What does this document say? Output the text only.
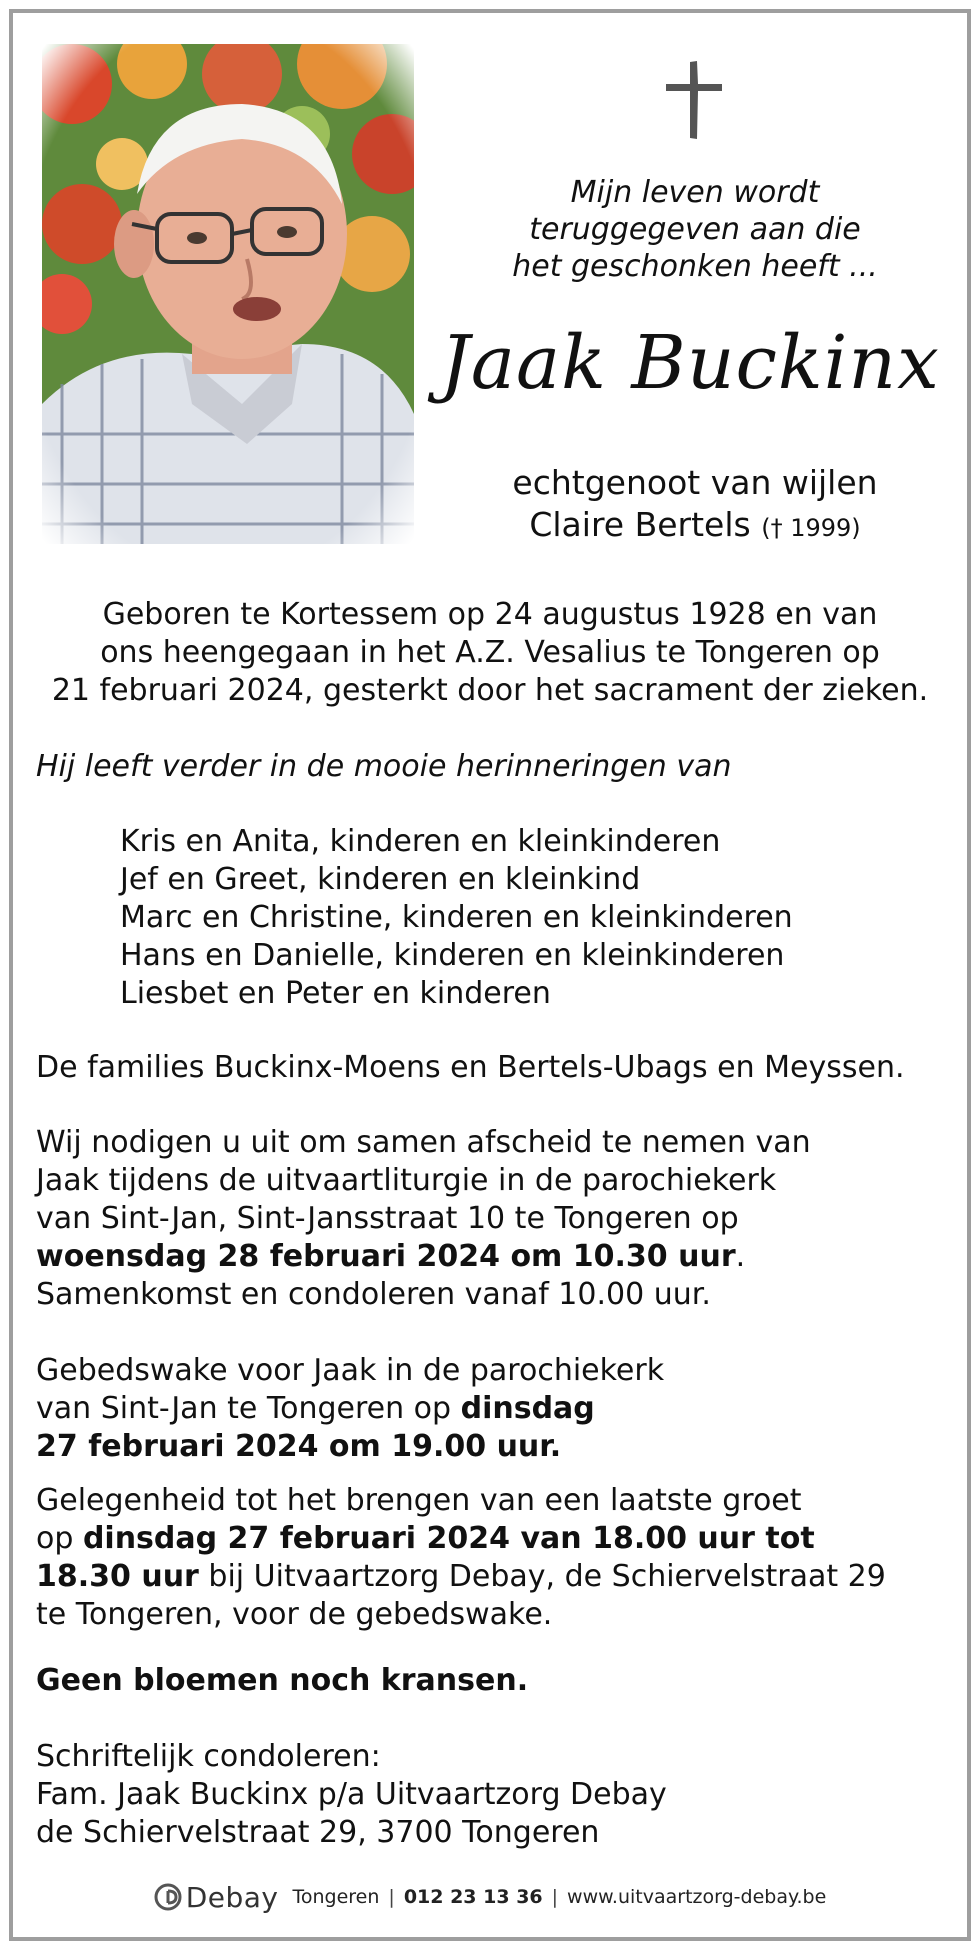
Mijn leven wordt
teruggegeven aan die
het geschonken heeft ...
Jaak Buckinx
echtgenoot van wijlen
Claire Bertels († 1999)
Geboren te Kortessem op 24 augustus 1928 en van
ons heengegaan in het A.Z. Vesalius te Tongeren op
21 februari 2024, gesterkt door het sacrament der zieken.
Hij leeft verder in de mooie herinneringen van
Kris en Anita, kinderen en kleinkinderen
Jef en Greet, kinderen en kleinkind
Marc en Christine, kinderen en kleinkinderen
Hans en Danielle, kinderen en kleinkinderen
Liesbet en Peter en kinderen
De families Buckinx-Moens en Bertels-Ubags en Meyssen.
Wij nodigen u uit om samen afscheid te nemen van
Jaak tijdens de uitvaartliturgie in de parochiekerk
van Sint-Jan, Sint-Jansstraat 10 te Tongeren op
woensdag 28 februari 2024 om 10.30 uur.
Samenkomst en condoleren vanaf 10.00 uur.
Gebedswake voor Jaak in de parochiekerk
van Sint-Jan te Tongeren op dinsdag
27 februari 2024 om 19.00 uur.
Gelegenheid tot het brengen van een laatste groet
op dinsdag 27 februari 2024 van 18.00 uur tot
18.30 uur bij Uitvaartzorg Debay, de Schiervelstraat 29
te Tongeren, voor de gebedswake.
Geen bloemen noch kransen.
Schriftelijk condoleren:
Fam. Jaak Buckinx p/a Uitvaartzorg Debay
de Schiervelstraat 29, 3700 Tongeren
Debay Tongeren | 012 23 13 36 | www.uitvaartzorg-debay.be
